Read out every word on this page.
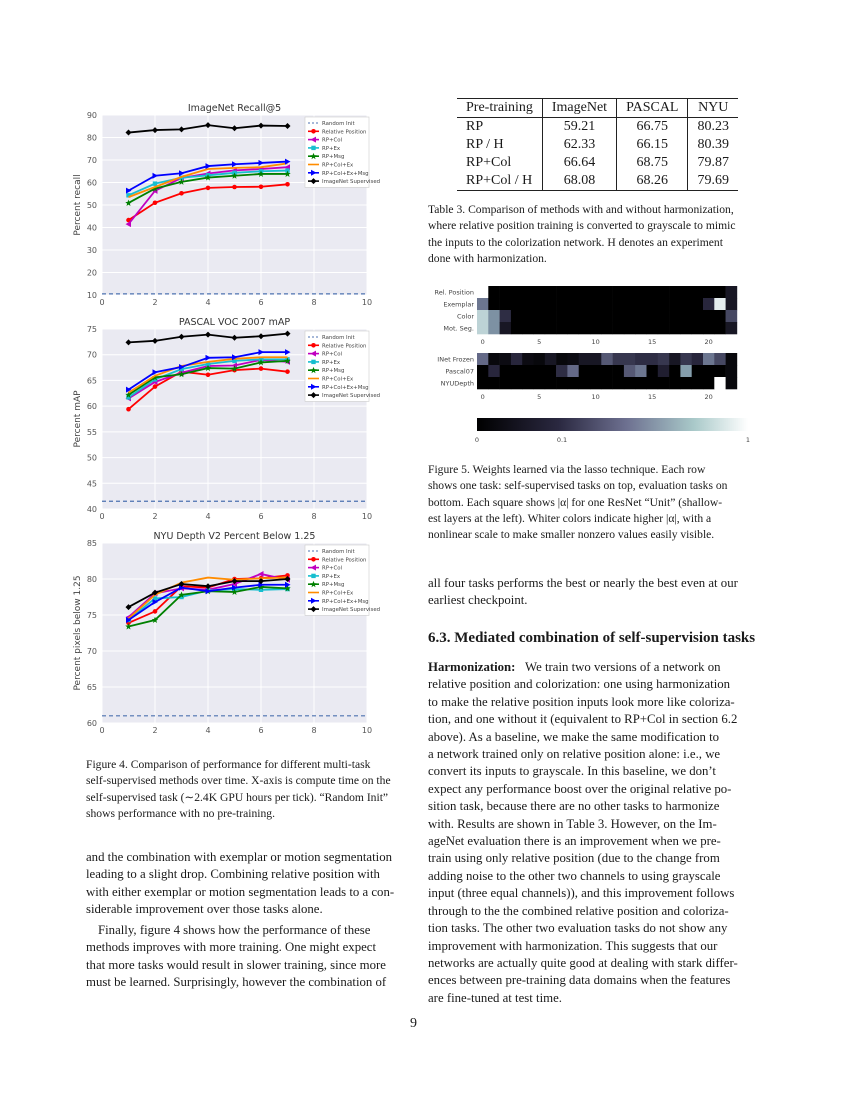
0	2	4	6	8	10
10
20
30
40
50
60
70
80
90
ImageNet Recall@5
Percent recall
Random Init
Relative Position
RP+Col
RP+Ex
RP+Msg
RP+Col+Ex
RP+Col+Ex+Msg
ImageNet Supervised
0	2	4	6	8	10
40
45
50
55
60
65
70
75
PASCAL VOC 2007 mAP
Percent mAP
Random Init
Relative Position
RP+Col
RP+Ex
RP+Msg
RP+Col+Ex
RP+Col+Ex+Msg
ImageNet Supervised
0	2	4	6	8	10
60
65
70
75
80
85
NYU Depth V2 Percent Below 1.25
Percent pixels below 1.25
Random Init
Relative Position
RP+Col
RP+Ex
RP+Msg
RP+Col+Ex
RP+Col+Ex+Msg
ImageNet Supervised
Figure 4. Comparison of performance for different multi-task
self-supervised methods over time. X-axis is compute time on the
self-supervised task (∼2.4K GPU hours per tick). “Random Init”
shows performance with no pre-training.
and the combination with exemplar or motion segmentation
leading to a slight drop. Combining relative position with
with either exemplar or motion segmentation leads to a con-
siderable improvement over those tasks alone.
Finally, figure 4 shows how the performance of these
methods improves with more training. One might expect
that more tasks would result in slower training, since more
must be learned. Surprisingly, however the combination of
Pre-training	ImageNet	PASCAL	NYU
RP	59.21	66.75	80.23
RP / H	62.33	66.15	80.39
RP+Col	66.64	68.75	79.87
RP+Col / H	68.08	68.26	79.69
Table 3. Comparison of methods with and without harmonization,
where relative position training is converted to grayscale to mimic
the inputs to the colorization network. H denotes an experiment
done with harmonization.
Rel. Position
Exemplar
Color
Mot. Seg.
0	5	10	15	20
INet Frozen
Pascal07
NYUDepth
0	5	10	15	20
0	0.1	1
Figure 5. Weights learned via the lasso technique. Each row
shows one task: self-supervised tasks on top, evaluation tasks on
bottom. Each square shows |α| for one ResNet “Unit” (shallow-
est layers at the left). Whiter colors indicate higher |α|, with a
nonlinear scale to make smaller nonzero values easily visible.
all four tasks performs the best or nearly the best even at our
earliest checkpoint.
6.3. Mediated combination of self-supervision tasks
Harmonization: We train two versions of a network on
relative position and colorization: one using harmonization
to make the relative position inputs look more like coloriza-
tion, and one without it (equivalent to RP+Col in section 6.2
above). As a baseline, we make the same modification to
a network trained only on relative position alone: i.e., we
convert its inputs to grayscale. In this baseline, we don’t
expect any performance boost over the original relative po-
sition task, because there are no other tasks to harmonize
with. Results are shown in Table 3. However, on the Im-
ageNet evaluation there is an improvement when we pre-
train using only relative position (due to the change from
adding noise to the other two channels to using grayscale
input (three equal channels)), and this improvement follows
through to the the combined relative position and coloriza-
tion tasks. The other two evaluation tasks do not show any
improvement with harmonization. This suggests that our
networks are actually quite good at dealing with stark differ-
ences between pre-training data domains when the features
are fine-tuned at test time.
9
